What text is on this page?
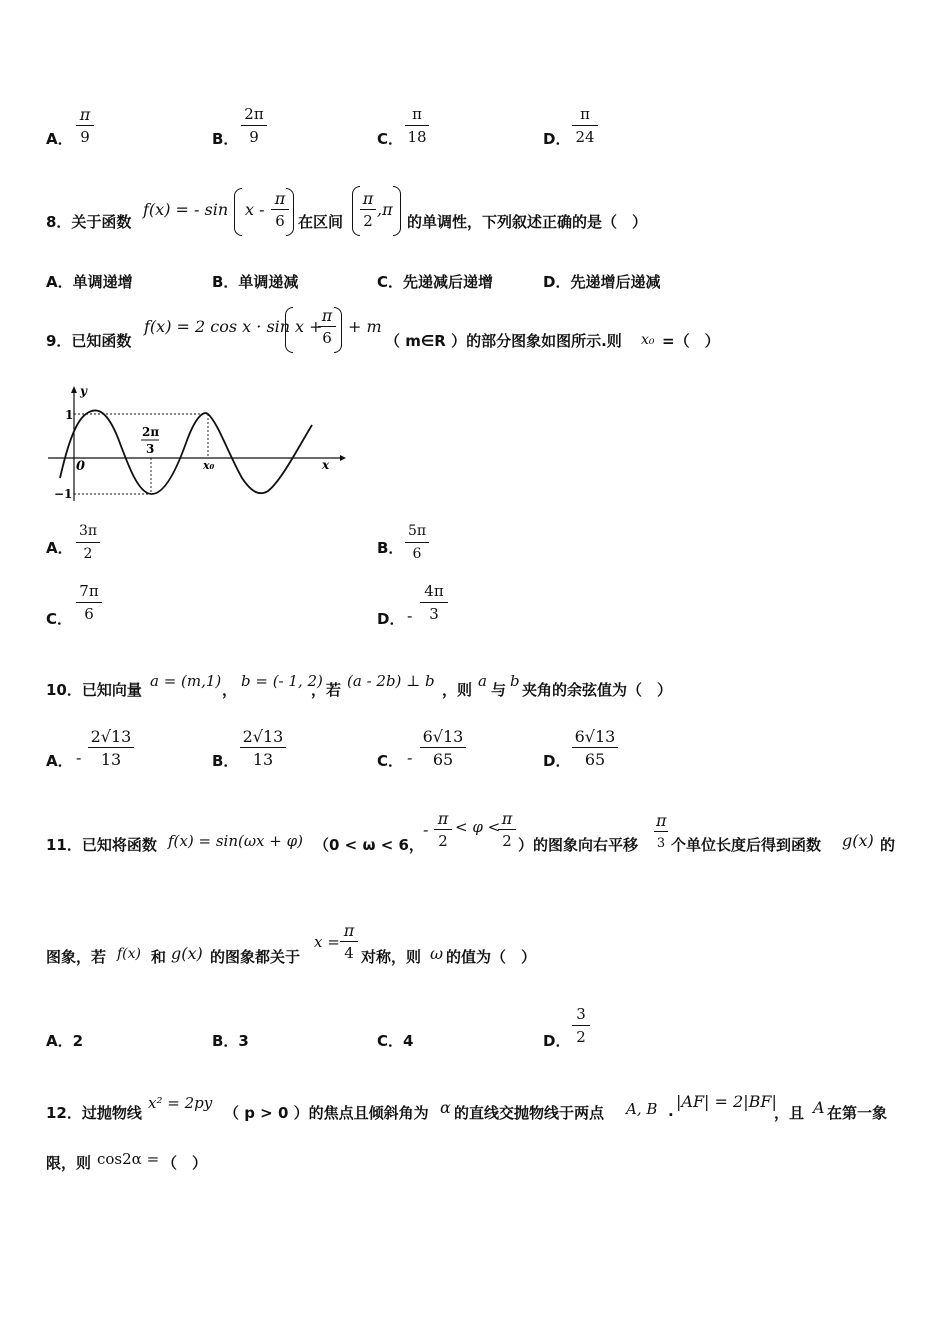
A． $\frac{\pi}{9}$	B． $\frac{2\pi}{9}$	C． $\frac{\pi}{18}$	D． $\frac{\pi}{24}$
8．关于函数
f(x) = - sin x - $\frac{\pi}{6}$ 在区间 $\frac{\pi}{2} ,\pi$
的单调性，下列叙述正确的是（　）
A．单调递增	B．单调递减	C．先递减后递增	D．先递增后递减
9．已知函数
f(x) = 2 cos x · sin x +
$\frac{\pi}{6} + m$
（ m∈R ）的部分图象如图所示.则 x₀ =（　）
y
x
0
1
−1
2π
3
x₀
A． $\frac{3\pi}{2}$	B． $\frac{5\pi}{6}$
C． $\frac{7\pi}{6}$	D． - $\frac{4\pi}{3}$
10．已知向量 a = (m,1) ， b = (- 1, 2)
，若 (a - 2b) ⊥ b ，则 a 与 b 夹角的余弦值为（　）
A． - $\frac{2√13}{13}$	B． $\frac{2√13}{13}$	C． - $\frac{6√13}{65}$	D． $\frac{6√13}{65}$
11．已知将函数 f(x) = sin(ωx + φ) （0 < ω < 6，
- $\frac{\pi}{2} < \varphi$ <
$\frac{\pi}{2}$ ）的图象向右平移
π
3 个单位长度后得到函数 g(x) 的
图象，若 f(x) 和 g(x) 的图象都关于
$x = \frac{\pi}{4}$ 对称，则 ω 的值为（　）
A．2	B．3	C．4	D． $\frac{3}{2}$
12．过抛物线
x² = 2py
（ p > 0 ）的焦点且倾斜角为 α 的直线交抛物线于两点 A, B . |AF| = 2|BF|
，且 A 在第一象
限，则 cos2α = （　）
